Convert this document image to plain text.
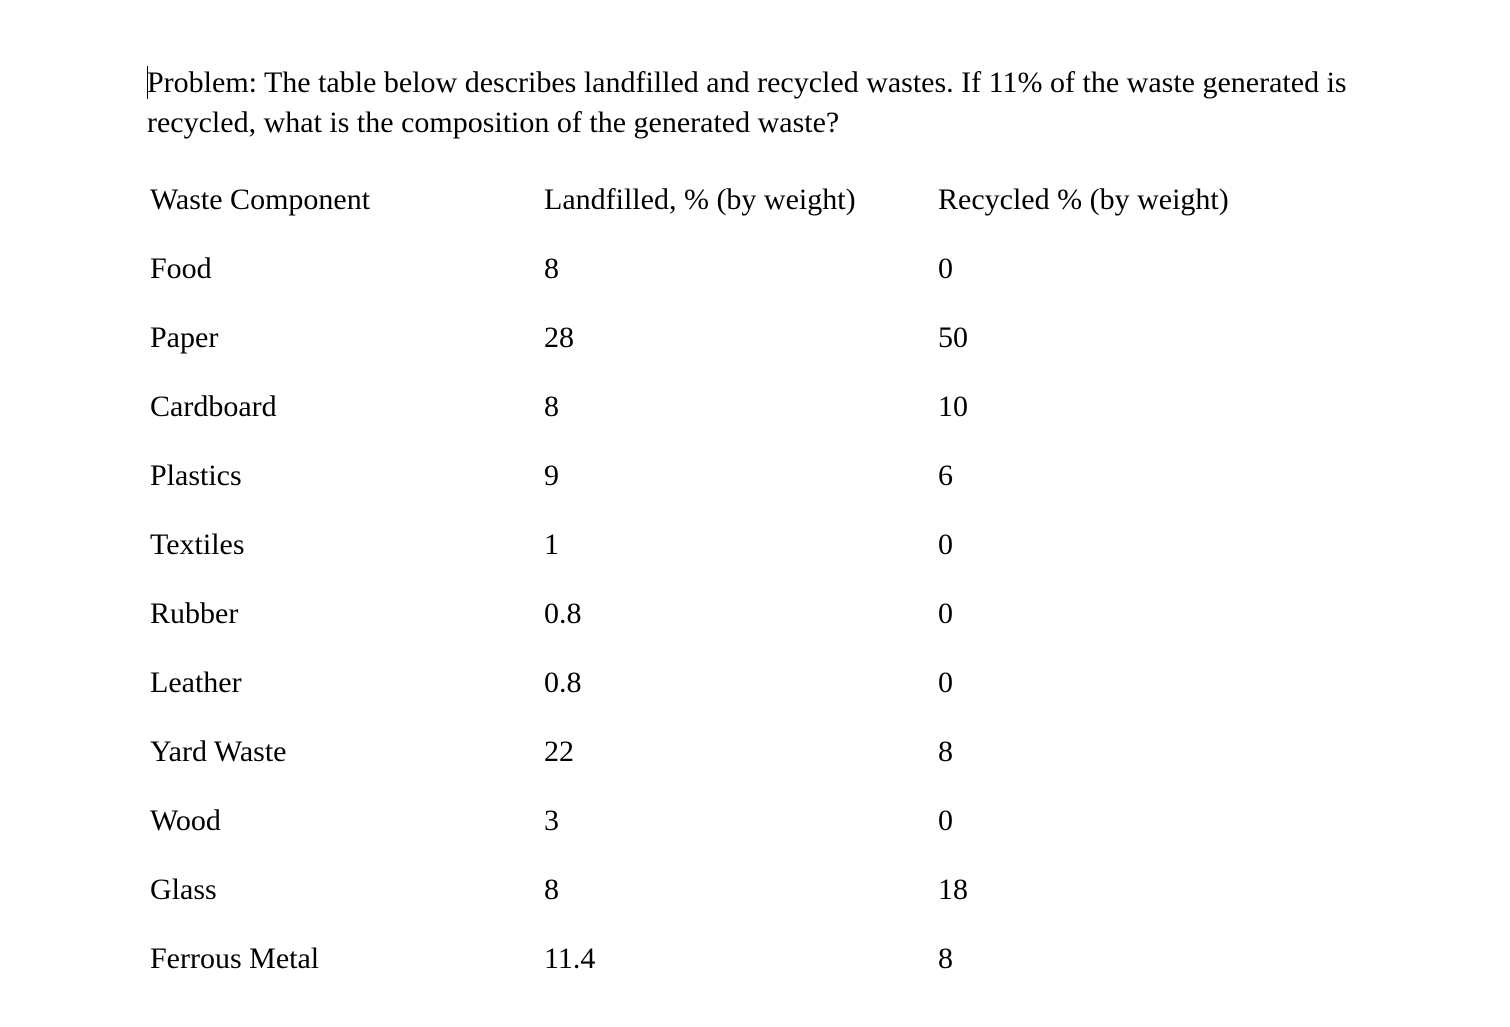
Problem: The table below describes landfilled and recycled wastes. If 11% of the waste generated is recycled, what is the composition of the generated waste?

Waste Component	Landfilled, % (by weight)	Recycled % (by weight)
Food	8	0
Paper	28	50
Cardboard	8	10
Plastics	9	6
Textiles	1	0
Rubber	0.8	0
Leather	0.8	0
Yard Waste	22	8
Wood	3	0
Glass	8	18
Ferrous Metal	11.4	8
